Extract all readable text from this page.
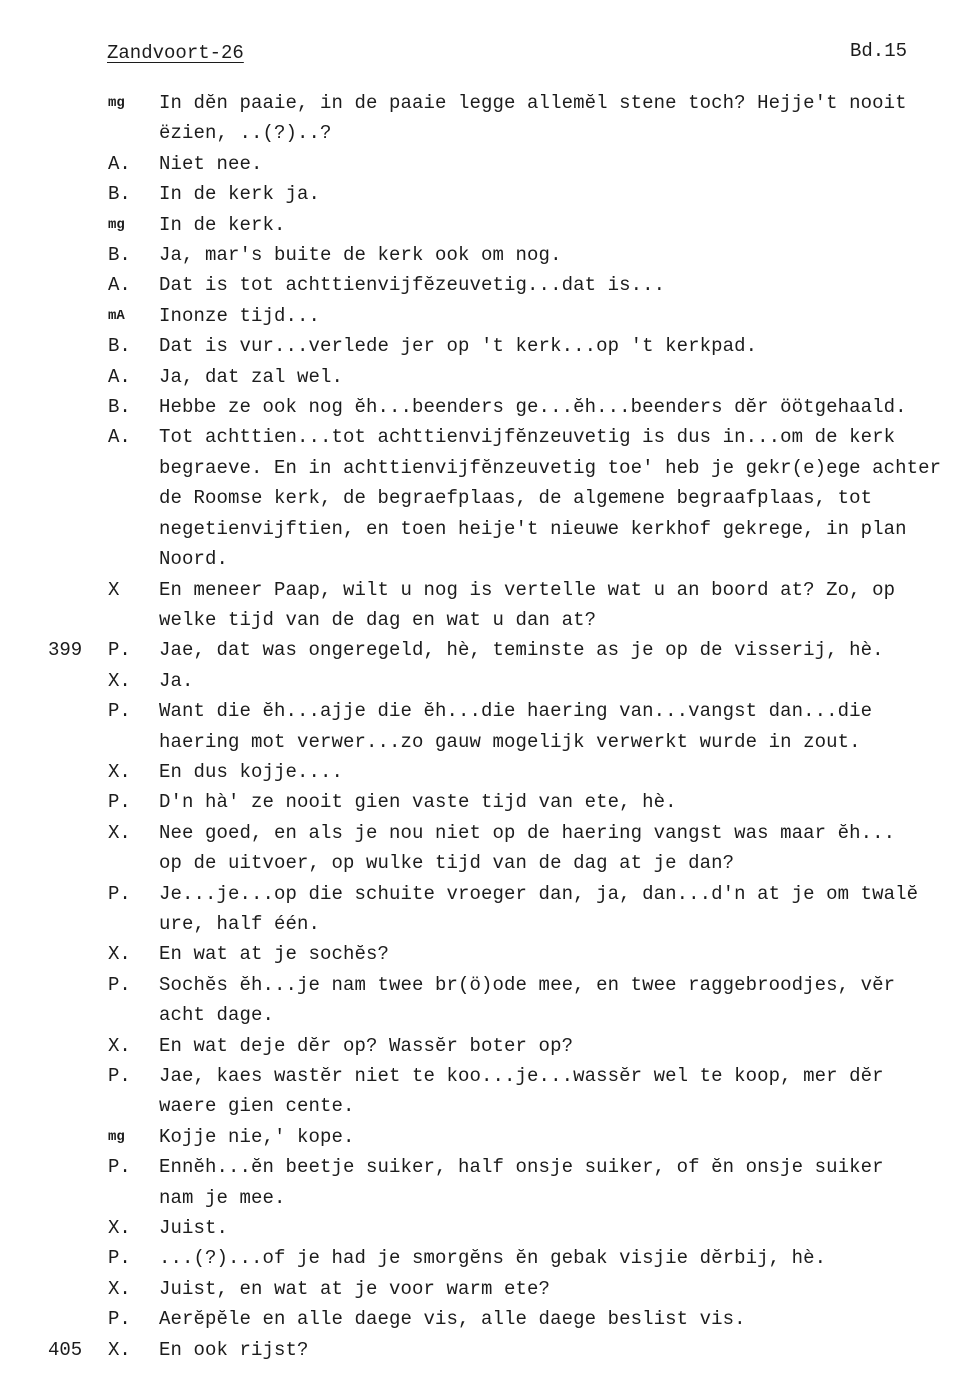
Zandvoort-26	Bd.15
mg	In dĕn paaie, in de paaie legge allemĕl stene toch? Hejje't nooit
ëzien, ..(?)..?
A.	Niet nee.
B.	In de kerk ja.
mg	In de kerk.
B.	Ja, mar's buite de kerk ook om nog.
A.	Dat is tot achttienvijfĕzeuvetig...dat is...
mA	Inonze tijd...
B.	Dat is vur...verlede jer op 't kerk...op 't kerkpad.
A.	Ja, dat zal wel.
B.	Hebbe ze ook nog ĕh...beenders ge...ĕh...beenders dĕr öötgehaald.
A.	Tot achttien...tot achttienvijfĕnzeuvetig is dus in...om de kerk
begraeve. En in achttienvijfĕnzeuvetig toe' heb je gekr(e)ege achter
de Roomse kerk, de begraefplaas, de algemene begraafplaas, tot
negetienvijftien, en toen heije't nieuwe kerkhof gekrege, in plan
Noord.
X	En meneer Paap, wilt u nog is vertelle wat u an boord at? Zo, op
welke tijd van de dag en wat u dan at?
399	P.	Jae, dat was ongeregeld, hè, teminste as je op de visserij, hè.
X.	Ja.
P.	Want die ĕh...ajje die ĕh...die haering van...vangst dan...die
haering mot verwer...zo gauw mogelijk verwerkt wurde in zout.
X.	En dus kojje....
P.	D'n hà' ze nooit gien vaste tijd van ete, hè.
X.	Nee goed, en als je nou niet op de haering vangst was maar ĕh...
op de uitvoer, op wulke tijd van de dag at je dan?
P.	Je...je...op die schuite vroeger dan, ja, dan...d'n at je om twalĕ
ure, half één.
X.	En wat at je sochĕs?
P.	Sochĕs ĕh...je nam twee br(ö)ode mee, en twee raggebroodjes, vĕr
acht dage.
X.	En wat deje dĕr op? Wassĕr boter op?
P.	Jae, kaes wastĕr niet te koo...je...wassĕr wel te koop, mer dĕr
waere gien cente.
mg	Kojje nie,' kope.
P.	Ennĕh...ĕn beetje suiker, half onsje suiker, of ĕn onsje suiker
nam je mee.
X.	Juist.
P.	...(?)...of je had je smorgĕns ĕn gebak visjie dĕrbij, hè.
X.	Juist, en wat at je voor warm ete?
P.	Aerĕpĕle en alle daege vis, alle daege beslist vis.
405	X.	En ook rijst?
